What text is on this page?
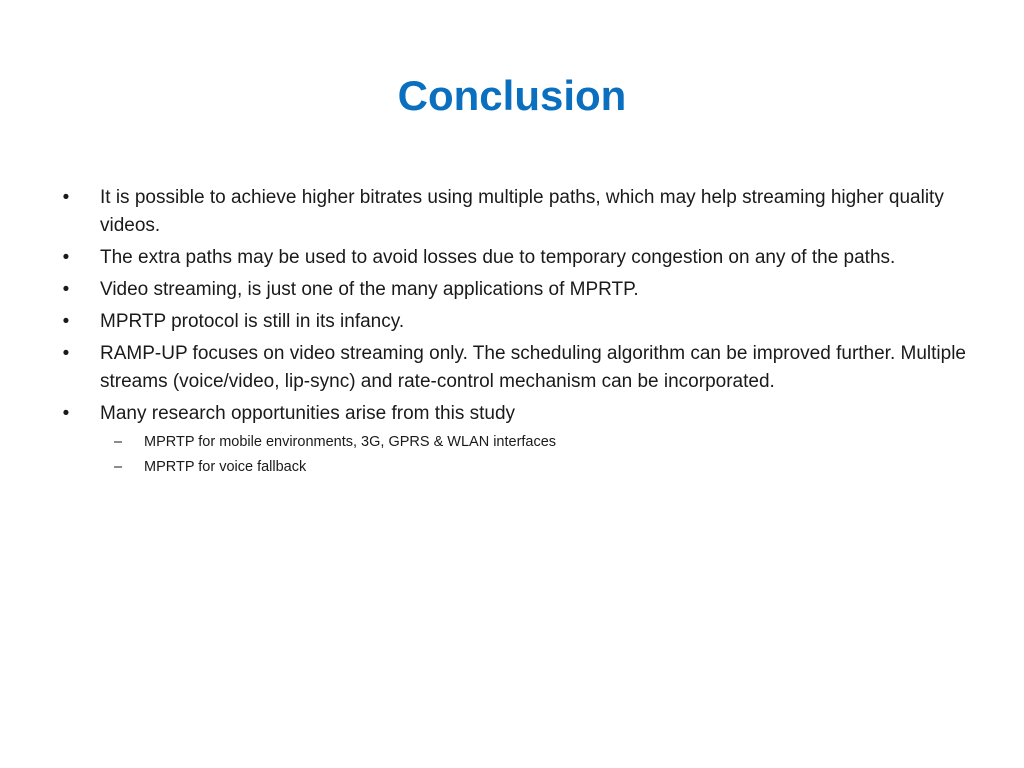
Conclusion
• It is possible to achieve higher bitrates using multiple paths, which may help streaming higher quality videos.
• The extra paths may be used to avoid losses due to temporary congestion on any of the paths.
• Video streaming, is just one of the many applications of MPRTP.
• MPRTP protocol is still in its infancy.
• RAMP-UP focuses on video streaming only. The scheduling algorithm can be improved further. Multiple streams (voice/video, lip-sync) and rate-control mechanism can be incorporated.
• Many research opportunities arise from this study
– MPRTP for mobile environments, 3G, GPRS & WLAN interfaces
– MPRTP for voice fallback
